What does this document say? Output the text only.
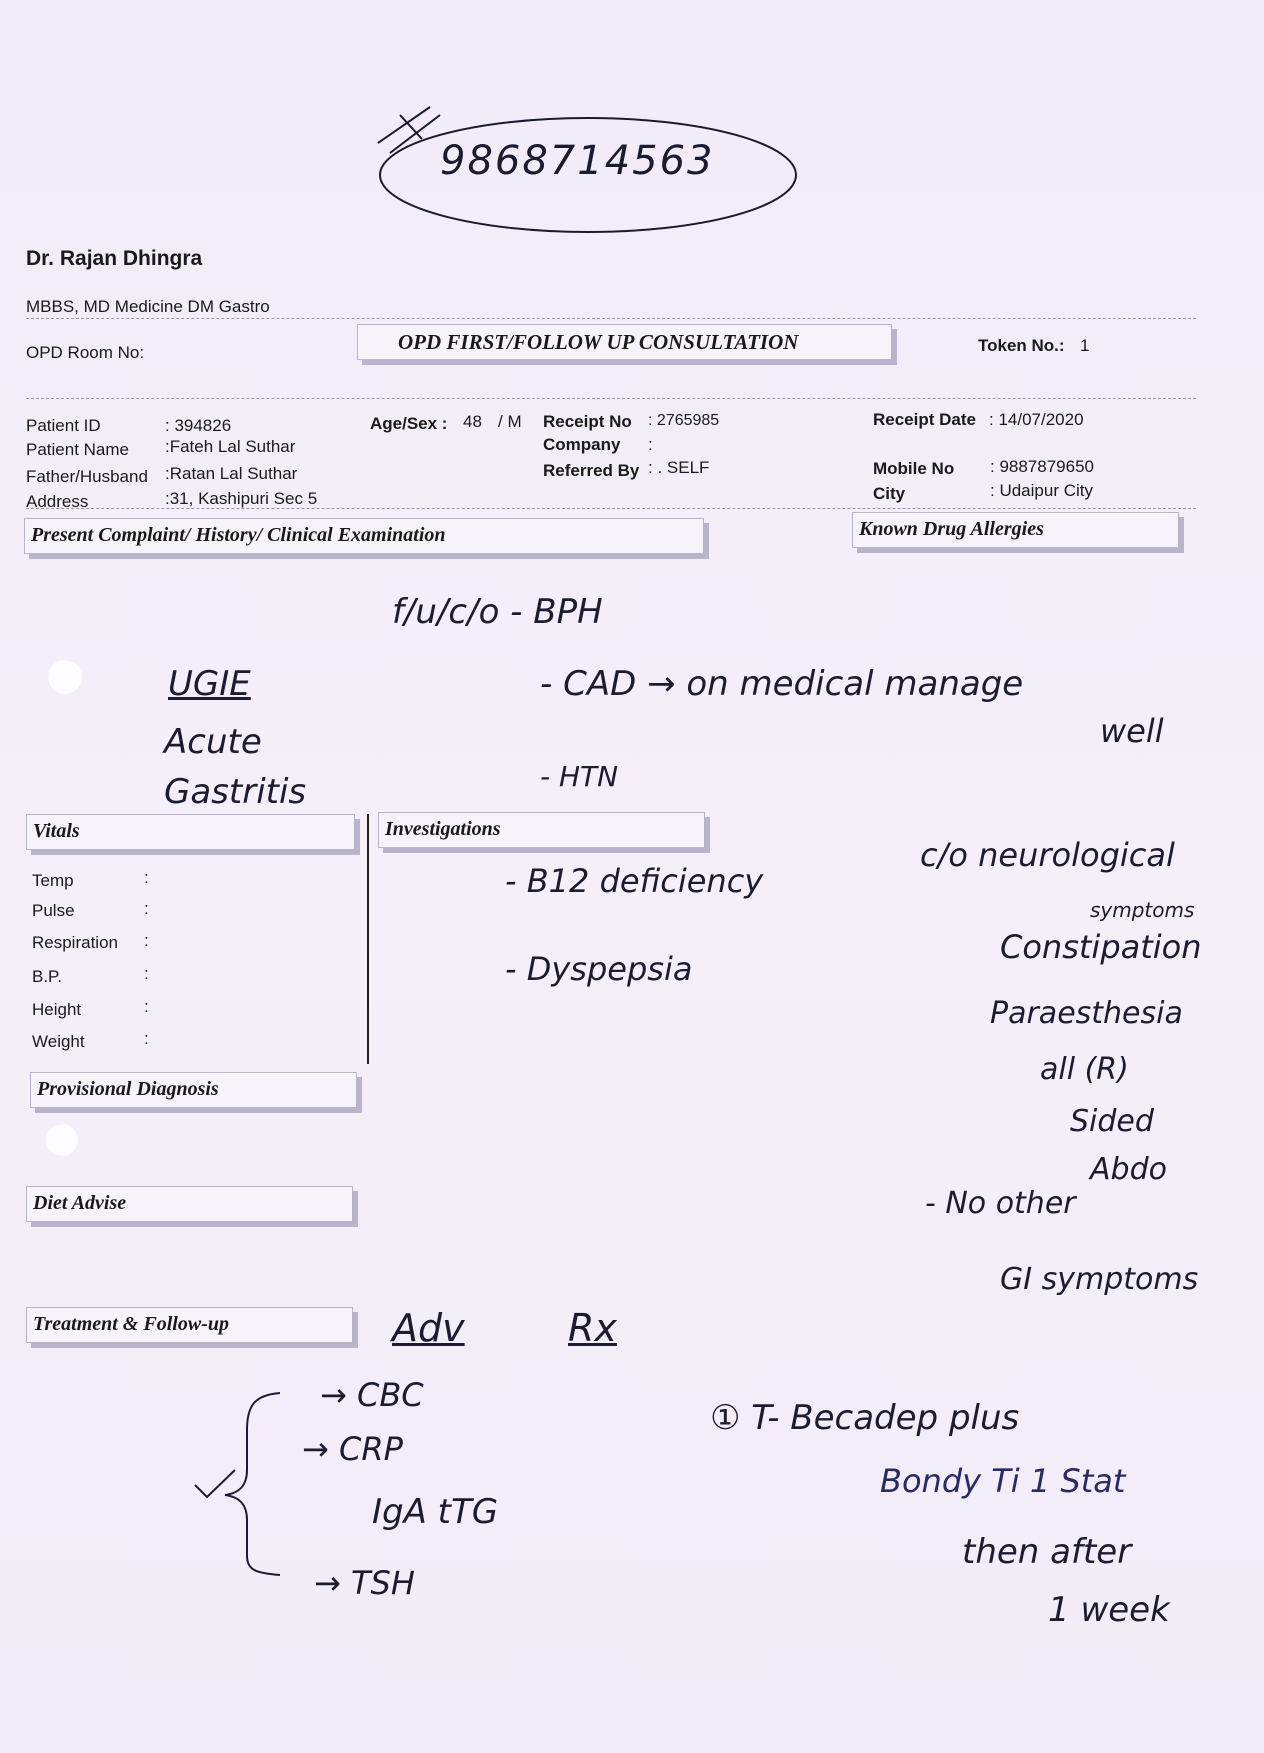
9868714563
Dr. Rajan Dhingra
MBBS, MD Medicine DM Gastro
OPD Room No:	OPD FIRST/FOLLOW UP CONSULTATION	Token No.: 1
Patient ID	: 394826
Patient Name :Fateh Lal Suthar
Father/Husband :Ratan Lal Suthar
Address	:31, Kashipuri Sec 5
Age/Sex : 48 / M Receipt No : 2765985
Company :
Referred By : . SELF
Receipt Date : 14/07/2020
Mobile No : 9887879650
City	: Udaipur City
Present Complaint/ History/ Clinical Examination	Known Drug Allergies
Vitals	Investigations
Provisional Diagnosis
Diet Advise
Treatment & Follow-up
Temp	:
Pulse	:
Respiration :
B.P.	:
Height	:
Weight	:
f/u/c/o - BPH
- CAD → on medical manage
well
- HTN
UGIE
Acute
Gastritis
- B12 deficiency
- Dyspepsia
c/o neurological
symptoms
Constipation
Paraesthesia
all (R)
Sided
Abdo
- No other
GI symptoms
Adv	Rx
→ CBC
→ CRP
IgA tTG
→ TSH
① T- Becadep plus
Bondy Ti 1 Stat
then after
1 week
